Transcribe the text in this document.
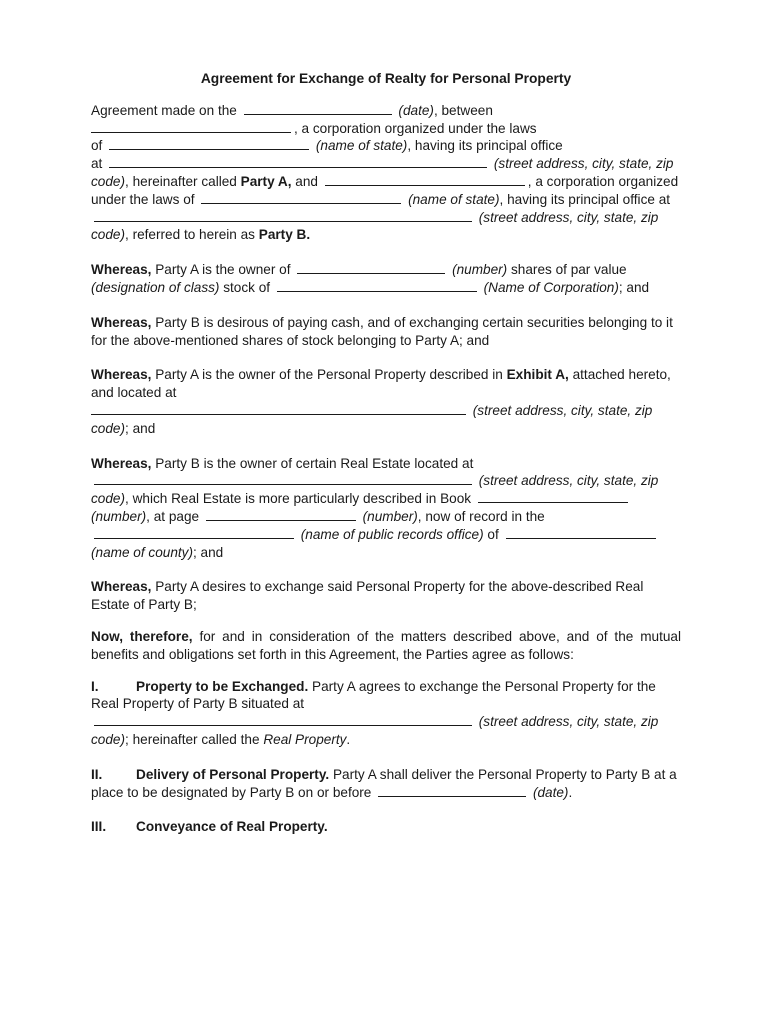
Agreement for Exchange of Realty for Personal Property
Agreement made on the	(date), between
, a corporation organized under the laws
of	(name of state), having its principal office
at	(street address, city, state, zip code), hereinafter called Party A, and	, a corporation organized under the laws of	(name of state), having its principal office at  (street address, city, state, zip code), referred to herein as Party B.
Whereas, Party A is the owner of	(number) shares of par value (designation of class) stock of	(Name of Corporation); and
Whereas, Party B is desirous of paying cash, and of exchanging certain securities belonging to it for the above-mentioned shares of stock belonging to Party A; and
Whereas, Party A is the owner of the Personal Property described in Exhibit A, attached hereto, and located at
(street address, city, state, zip code); and
Whereas, Party B is the owner of certain Real Estate located at  (street address, city, state, zip code), which Real Estate is more particularly described in Book  (number), at page	(number), now of record in the  (name of public records office) of  (name of county); and
Whereas, Party A desires to exchange said Personal Property for the above-described Real Estate of Party B;
Now, therefore, for and in consideration of the matters described above, and of the mutual benefits and obligations set forth in this Agreement, the Parties agree as follows:
I.	Property to be Exchanged. Party A agrees to exchange the Personal Property for the Real Property of Party B situated at  (street address, city, state, zip code); hereinafter called the Real Property.
II. Delivery of Personal Property. Party A shall deliver the Personal Property to Party B at a place to be designated by Party B on or before	(date).
III. Conveyance of Real Property.
